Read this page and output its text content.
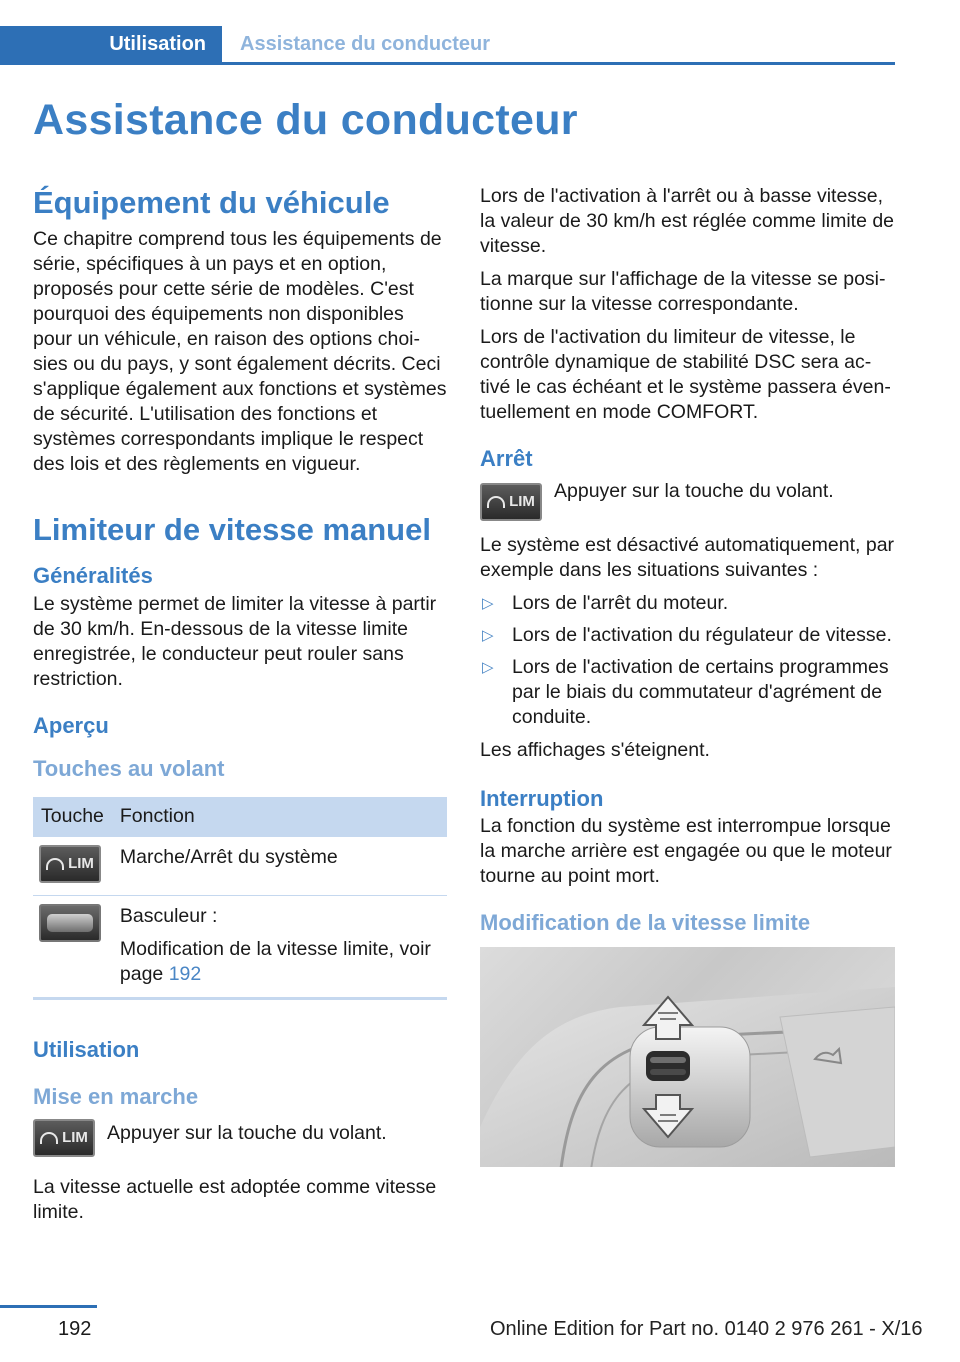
Utilisation	Assistance du conducteur
Assistance du conducteur
Équipement du véhicule

Ce chapitre comprend tous les équipements de série, spécifiques à un pays et en option, proposés pour cette série de modèles. C'est pourquoi des équipements non disponibles pour un véhicule, en raison des options choisies ou du pays, y sont également décrits. Ceci s'applique également aux fonctions et systèmes de sécurité. L'utilisation des fonctions et systèmes correspondants implique le respect des lois et des règlements en vigueur.

Limiteur de vitesse manuel
Généralités

Le système permet de limiter la vitesse à partir de 30 km/h. En-dessous de la vitesse limite enregistrée, le conducteur peut rouler sans restriction.

Aperçu
Touches au volant
Touche	Fonction

LIM	Marche/Arrêt du système

	Basculeur :

Modification de la vitesse limite, voir page 192

Utilisation
Mise en marche
LIM Appuyer sur la touche du volant.

La vitesse actuelle est adoptée comme vitesse limite.

Lors de l'activation à l'arrêt ou à basse vitesse, la valeur de 30 km/h est réglée comme limite de vitesse.

La marque sur l'affichage de la vitesse se positionne sur la vitesse correspondante.

Lors de l'activation du limiteur de vitesse, le contrôle dynamique de stabilité DSC sera activé le cas échéant et le système passera éventuellement en mode COMFORT.

Arrêt
LIM Appuyer sur la touche du volant.

Le système est désactivé automatiquement, par exemple dans les situations suivantes :

▷ Lors de l'arrêt du moteur.
▷ Lors de l'activation du régulateur de vitesse.
▷ Lors de l'activation de certains programmes par le biais du commutateur d'agrément de conduite.

Les affichages s'éteignent.

Interruption

La fonction du système est interrompue lorsque la marche arrière est engagée ou que le moteur tourne au point mort.

Modification de la vitesse limite
192	Online Edition for Part no. 0140 2 976 261 - X/16
